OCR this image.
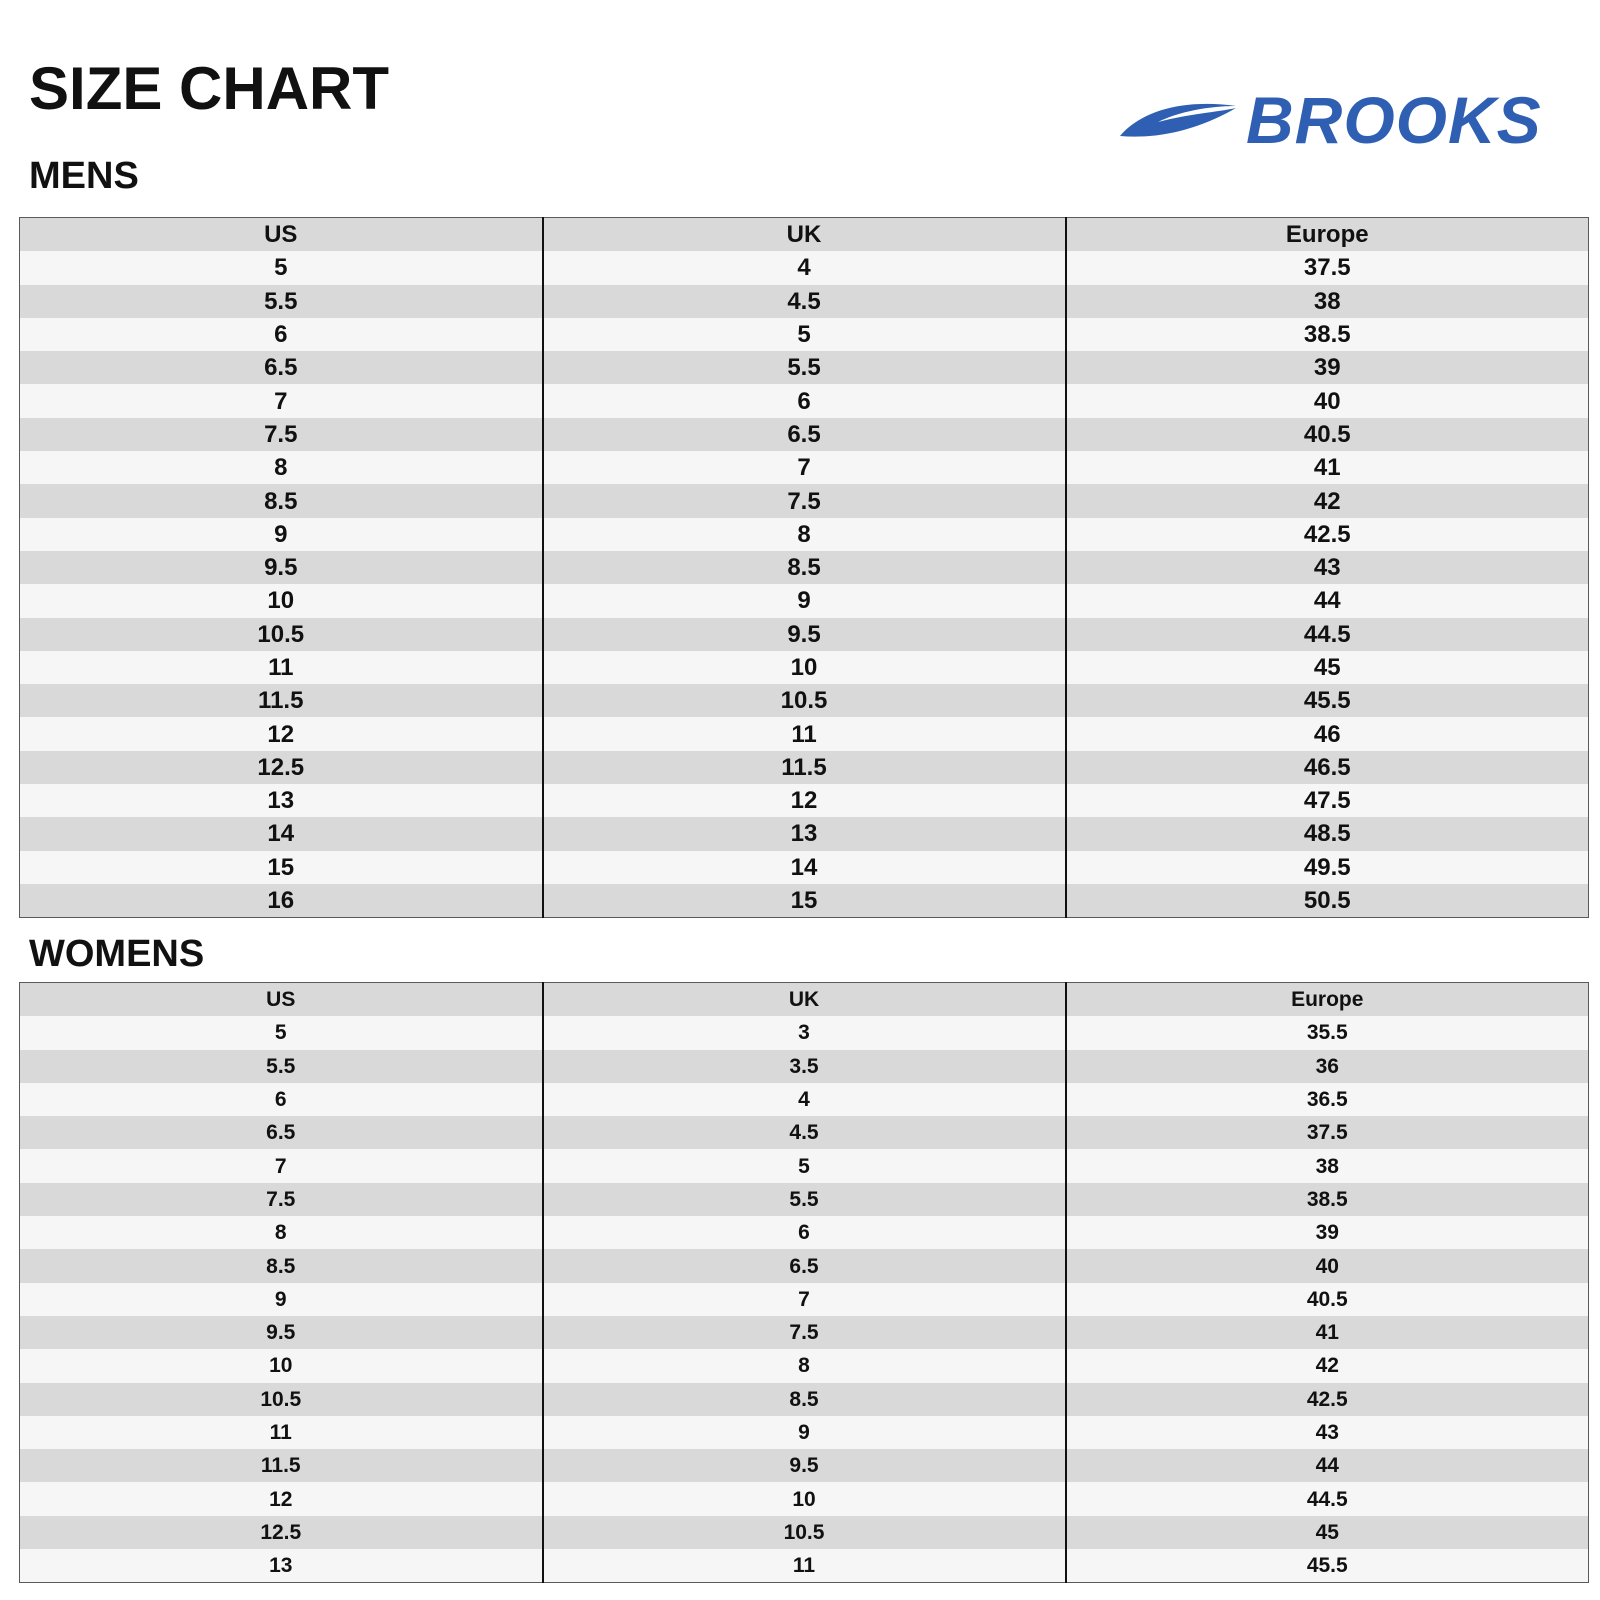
SIZE CHART	BROOKS
MENS
US	UK	Europe
5	4	37.5
5.5	4.5	38
6	5	38.5
6.5	5.5	39
7	6	40
7.5	6.5	40.5
8	7	41
8.5	7.5	42
9	8	42.5
9.5	8.5	43
10	9	44
10.5	9.5	44.5
11	10	45
11.5	10.5	45.5
12	11	46
12.5	11.5	46.5
13	12	47.5
14	13	48.5
15	14	49.5
16	15	50.5
WOMENS
US	UK	Europe
5	3	35.5
5.5	3.5	36
6	4	36.5
6.5	4.5	37.5
7	5	38
7.5	5.5	38.5
8	6	39
8.5	6.5	40
9	7	40.5
9.5	7.5	41
10	8	42
10.5	8.5	42.5
11	9	43
11.5	9.5	44
12	10	44.5
12.5	10.5	45
13	11	45.5
